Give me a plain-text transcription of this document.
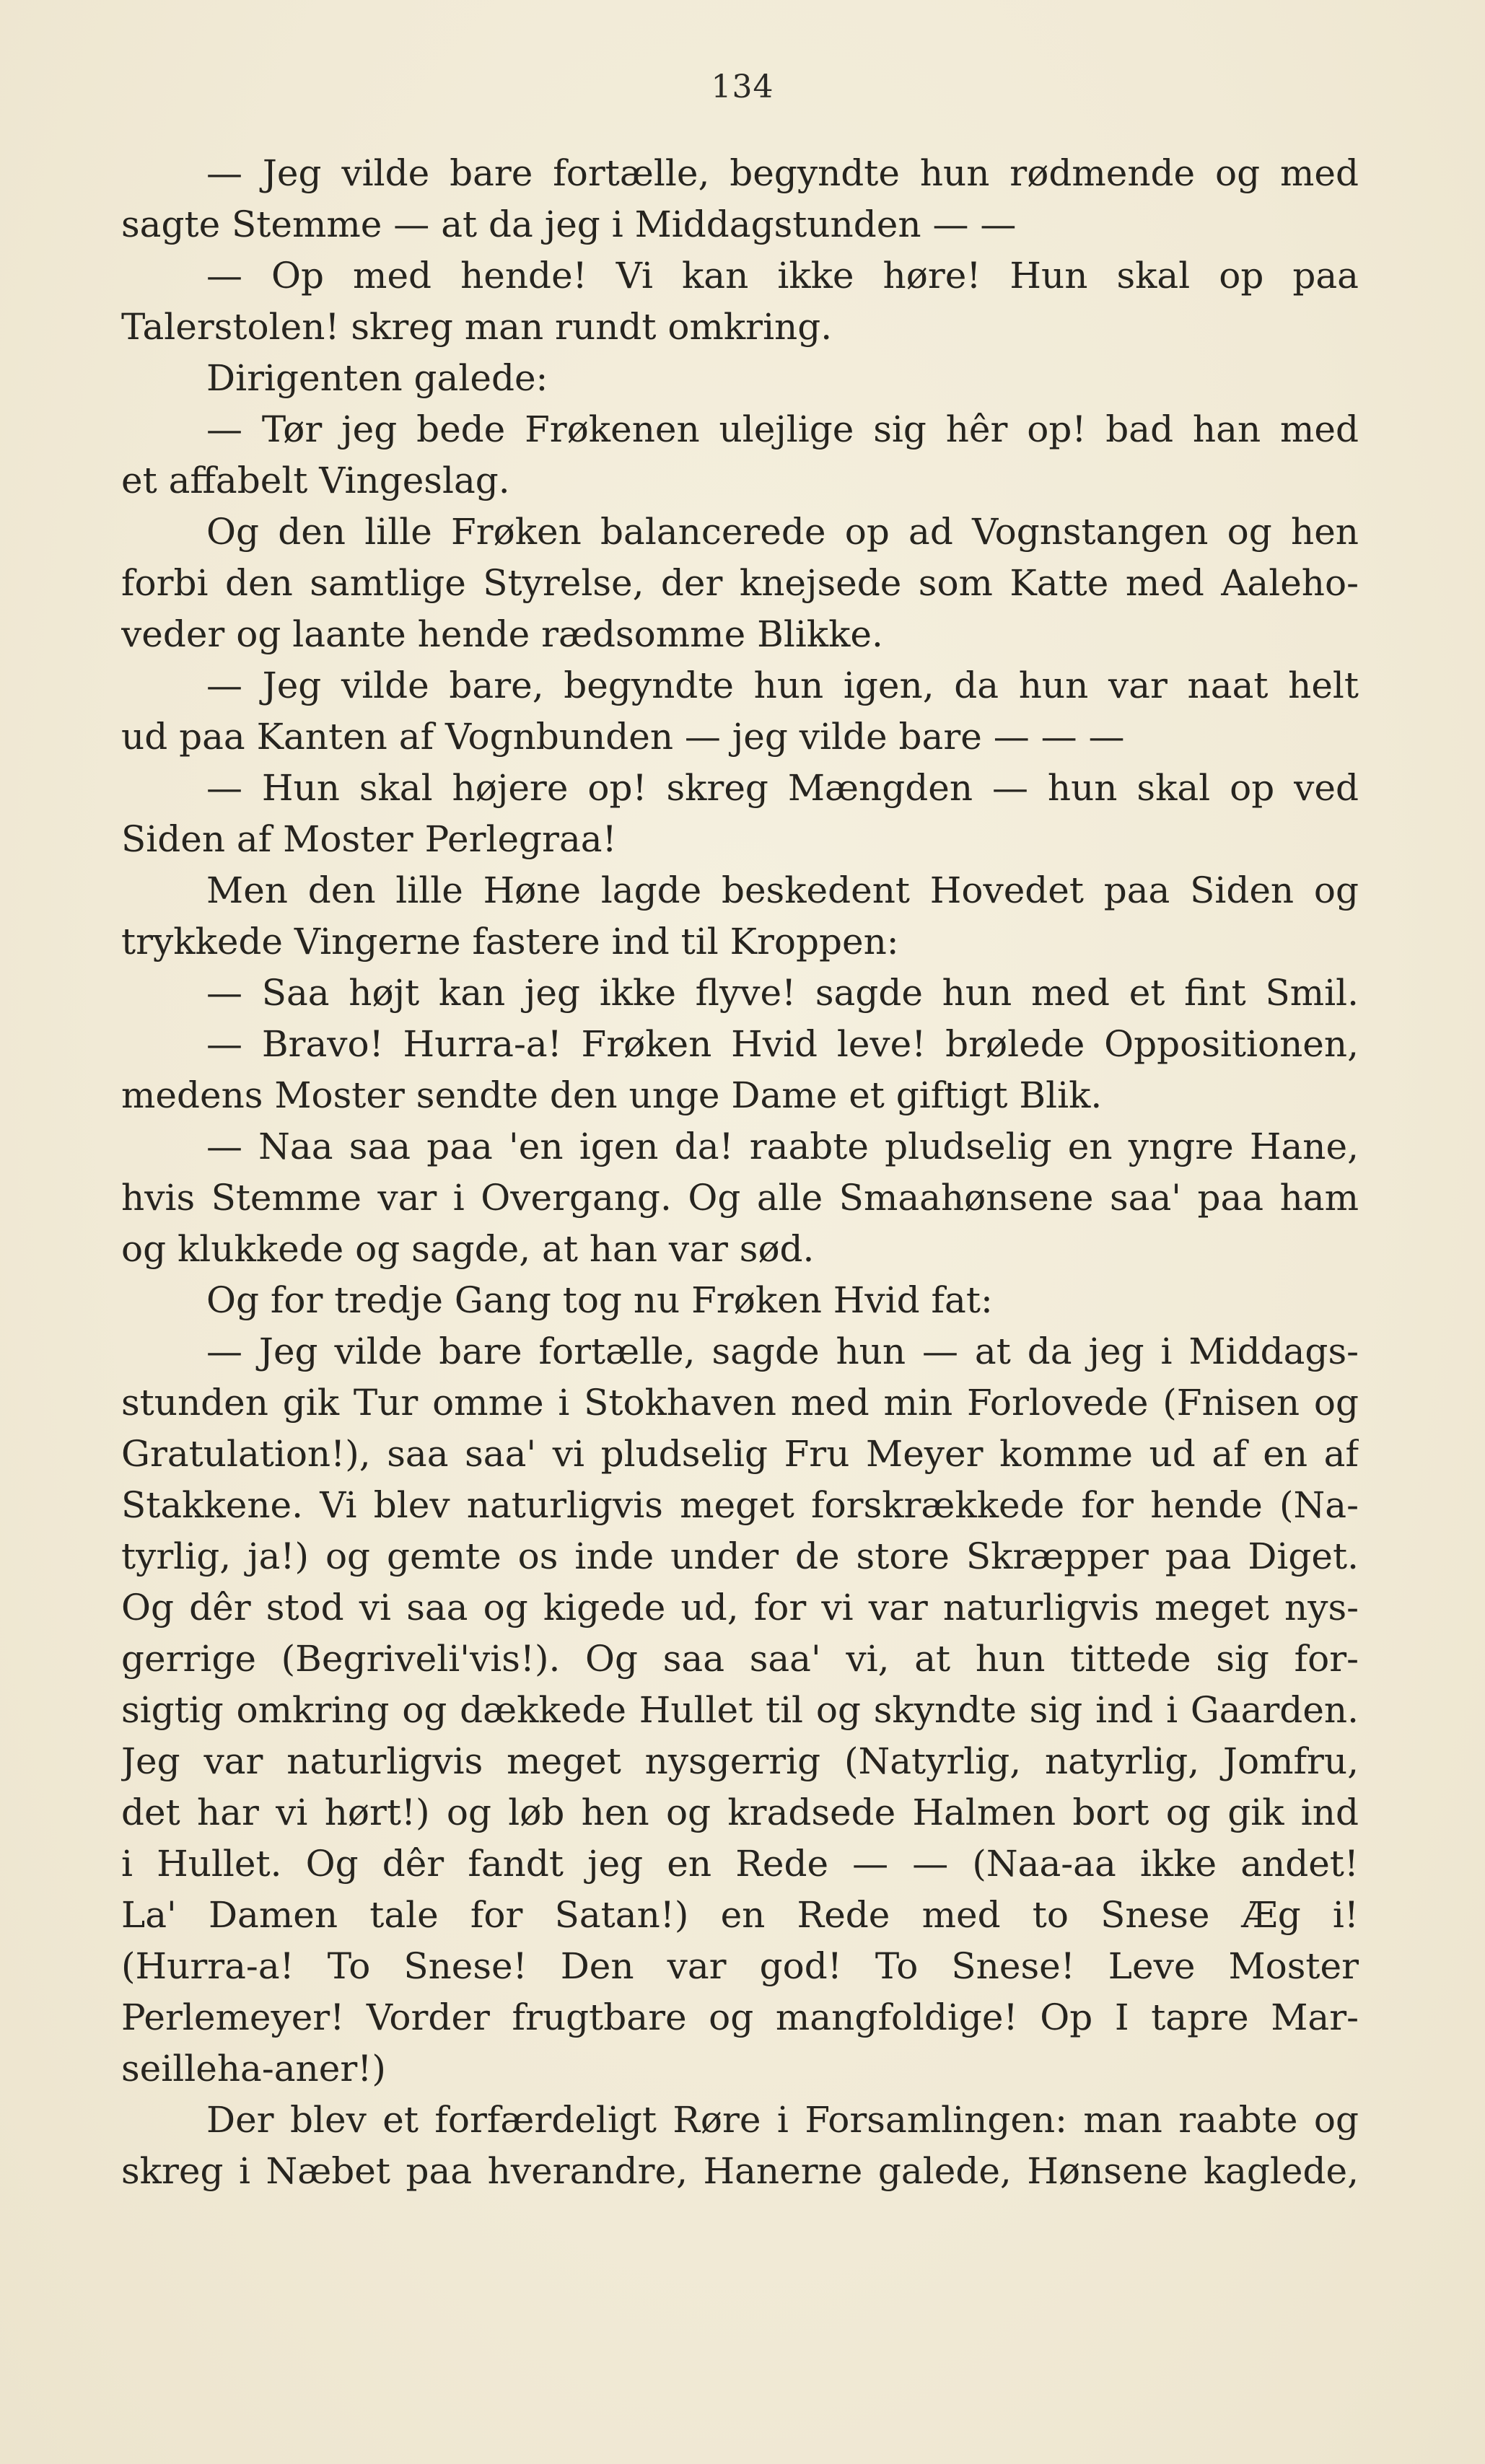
134
— Jeg vilde bare fortælle, begyndte hun rødmende og med
sagte Stemme — at da jeg i Middagstunden — —
— Op med hende! Vi kan ikke høre! Hun skal op paa
Talerstolen! skreg man rundt omkring.
Dirigenten galede:
— Tør jeg bede Frøkenen ulejlige sig hêr op! bad han med
et affabelt Vingeslag.
Og den lille Frøken balancerede op ad Vognstangen og hen
forbi den samtlige Styrelse, der knejsede som Katte med Aaleho-
veder og laante hende rædsomme Blikke.
— Jeg vilde bare, begyndte hun igen, da hun var naat helt
ud paa Kanten af Vognbunden — jeg vilde bare — — —
— Hun skal højere op! skreg Mængden — hun skal op ved
Siden af Moster Perlegraa!
Men den lille Høne lagde beskedent Hovedet paa Siden og
trykkede Vingerne fastere ind til Kroppen:
— Saa højt kan jeg ikke flyve! sagde hun med et fint Smil.
— Bravo! Hurra-a! Frøken Hvid leve! brølede Oppositionen,
medens Moster sendte den unge Dame et giftigt Blik.
— Naa saa paa 'en igen da! raabte pludselig en yngre Hane,
hvis Stemme var i Overgang. Og alle Smaahønsene saa' paa ham
og klukkede og sagde, at han var sød.
Og for tredje Gang tog nu Frøken Hvid fat:
— Jeg vilde bare fortælle, sagde hun — at da jeg i Middags-
stunden gik Tur omme i Stokhaven med min Forlovede (Fnisen og
Gratulation!), saa saa' vi pludselig Fru Meyer komme ud af en af
Stakkene. Vi blev naturligvis meget forskrækkede for hende (Na-
tyrlig, ja!) og gemte os inde under de store Skræpper paa Diget.
Og dêr stod vi saa og kigede ud, for vi var naturligvis meget nys-
gerrige (Begriveli'vis!). Og saa saa' vi, at hun tittede sig for-
sigtig omkring og dækkede Hullet til og skyndte sig ind i Gaarden.
Jeg var naturligvis meget nysgerrig (Natyrlig, natyrlig, Jomfru,
det har vi hørt!) og løb hen og kradsede Halmen bort og gik ind
i Hullet. Og dêr fandt jeg en Rede — — (Naa-aa ikke andet!
La' Damen tale for Satan!) en Rede med to Snese Æg i!
(Hurra-a! To Snese! Den var god! To Snese! Leve Moster
Perlemeyer! Vorder frugtbare og mangfoldige! Op I tapre Mar-
seilleha-aner!)
Der blev et forfærdeligt Røre i Forsamlingen: man raabte og
skreg i Næbet paa hverandre, Hanerne galede, Hønsene kaglede,
